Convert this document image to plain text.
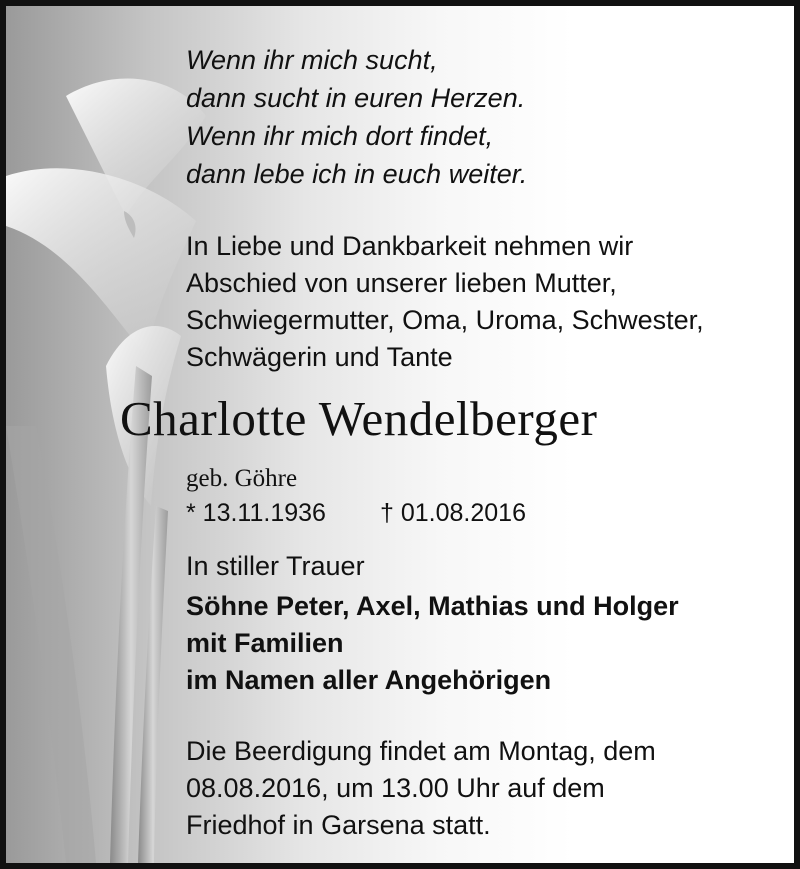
Wenn ihr mich sucht,
dann sucht in euren Herzen.
Wenn ihr mich dort findet,
dann lebe ich in euch weiter.
In Liebe und Dankbarkeit nehmen wir
Abschied von unserer lieben Mutter,
Schwiegermutter, Oma, Uroma, Schwester,
Schwägerin und Tante
Charlotte Wendelberger
geb. Göhre
* 13.11.1936 † 01.08.2016
In stiller Trauer
Söhne Peter, Axel, Mathias und Holger
mit Familien
im Namen aller Angehörigen
Die Beerdigung findet am Montag, dem
08.08.2016, um 13.00 Uhr auf dem
Friedhof in Garsena statt.
